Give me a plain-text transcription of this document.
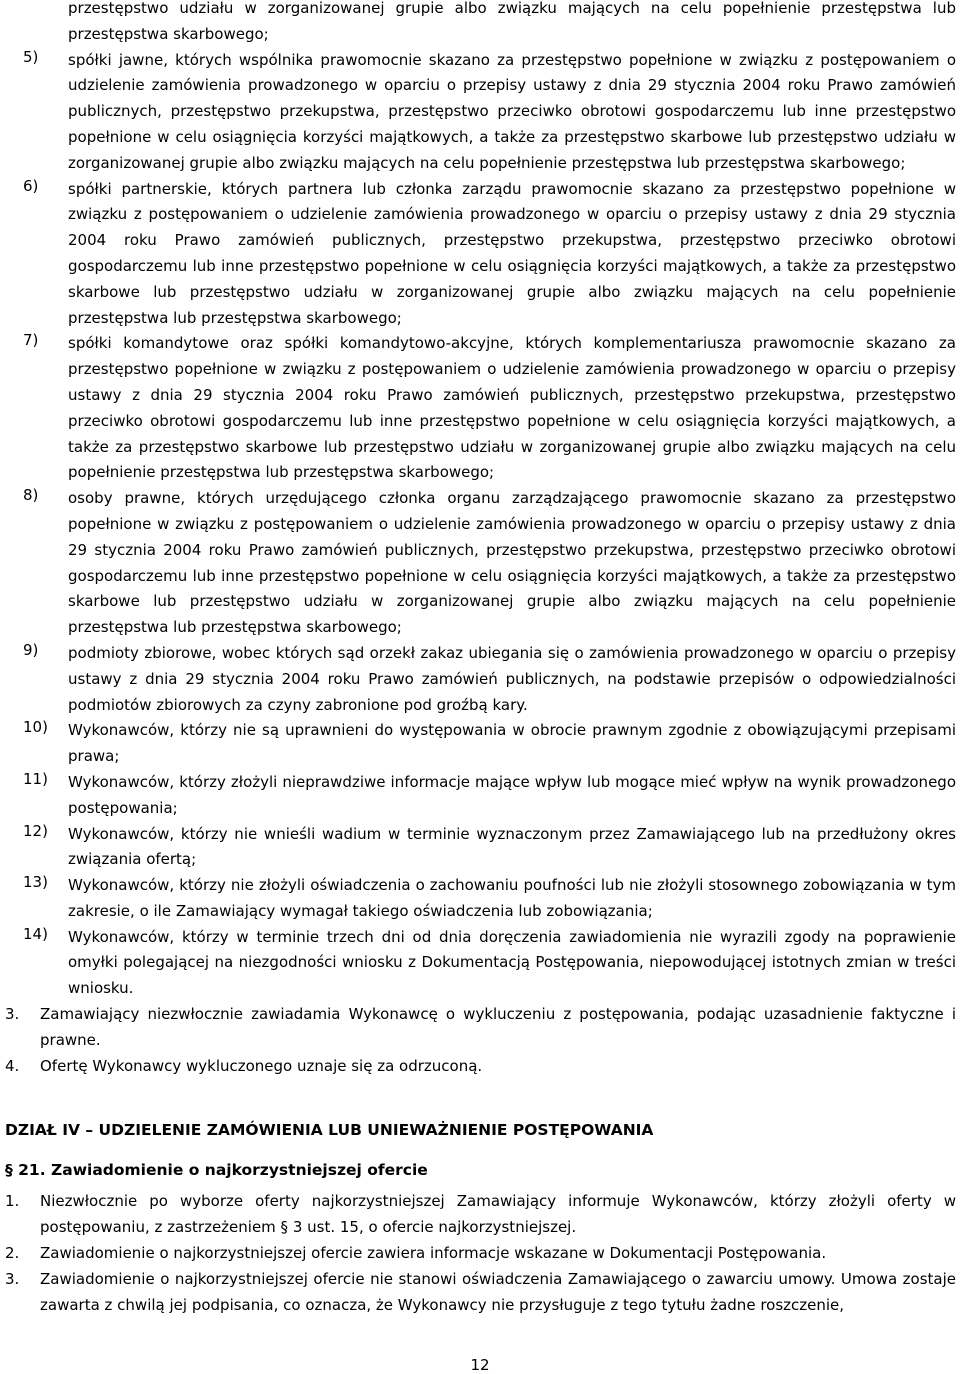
przestępstwo udziału w zorganizowanej grupie albo związku mających na celu popełnienie przestępstwa lub przestępstwa skarbowego;
5)	spółki jawne, których wspólnika prawomocnie skazano za przestępstwo popełnione w związku z postępowaniem o udzielenie zamówienia prowadzonego w oparciu o przepisy ustawy z dnia 29 stycznia 2004 roku Prawo zamówień publicznych, przestępstwo przekupstwa, przestępstwo przeciwko obrotowi gospodarczemu lub inne przestępstwo popełnione w celu osiągnięcia korzyści majątkowych, a także za przestępstwo skarbowe lub przestępstwo udziału w zorganizowanej grupie albo związku mających na celu popełnienie przestępstwa lub przestępstwa skarbowego;
6)	spółki partnerskie, których partnera lub członka zarządu prawomocnie skazano za przestępstwo popełnione w związku z postępowaniem o udzielenie zamówienia prowadzonego w oparciu o przepisy ustawy z dnia 29 stycznia 2004 roku Prawo zamówień publicznych, przestępstwo przekupstwa, przestępstwo przeciwko obrotowi gospodarczemu lub inne przestępstwo popełnione w celu osiągnięcia korzyści majątkowych, a także za przestępstwo skarbowe lub przestępstwo udziału w zorganizowanej grupie albo związku mających na celu popełnienie przestępstwa lub przestępstwa skarbowego;
7)	spółki komandytowe oraz spółki komandytowo-akcyjne, których komplementariusza prawomocnie skazano za przestępstwo popełnione w związku z postępowaniem o udzielenie zamówienia prowadzonego w oparciu o przepisy ustawy z dnia 29 stycznia 2004 roku Prawo zamówień publicznych, przestępstwo przekupstwa, przestępstwo przeciwko obrotowi gospodarczemu lub inne przestępstwo popełnione w celu osiągnięcia korzyści majątkowych, a także za przestępstwo skarbowe lub przestępstwo udziału w zorganizowanej grupie albo związku mających na celu popełnienie przestępstwa lub przestępstwa skarbowego;
8)	osoby prawne, których urzędującego członka organu zarządzającego prawomocnie skazano za przestępstwo popełnione w związku z postępowaniem o udzielenie zamówienia prowadzonego w oparciu o przepisy ustawy z dnia 29 stycznia 2004 roku Prawo zamówień publicznych, przestępstwo przekupstwa, przestępstwo przeciwko obrotowi gospodarczemu lub inne przestępstwo popełnione w celu osiągnięcia korzyści majątkowych, a także za przestępstwo skarbowe lub przestępstwo udziału w zorganizowanej grupie albo związku mających na celu popełnienie przestępstwa lub przestępstwa skarbowego;
9)	podmioty zbiorowe, wobec których sąd orzekł zakaz ubiegania się o zamówienia prowadzonego w oparciu o przepisy ustawy z dnia 29 stycznia 2004 roku Prawo zamówień publicznych, na podstawie przepisów o odpowiedzialności podmiotów zbiorowych za czyny zabronione pod groźbą kary.
10)	Wykonawców, którzy nie są uprawnieni do występowania w obrocie prawnym zgodnie z obowiązującymi przepisami prawa;
11)	Wykonawców, którzy złożyli nieprawdziwe informacje mające wpływ lub mogące mieć wpływ na wynik prowadzonego postępowania;
12)	Wykonawców, którzy nie wnieśli wadium w terminie wyznaczonym przez Zamawiającego lub na przedłużony okres związania ofertą;
13)	Wykonawców, którzy nie złożyli oświadczenia o zachowaniu poufności lub nie złożyli stosownego zobowiązania w tym zakresie, o ile Zamawiający wymagał takiego oświadczenia lub zobowiązania;
14)	Wykonawców, którzy w terminie trzech dni od dnia doręczenia zawiadomienia nie wyrazili zgody na poprawienie omyłki polegającej na niezgodności wniosku z Dokumentacją Postępowania, niepowodującej istotnych zmian w treści wniosku.
3.	Zamawiający niezwłocznie zawiadamia Wykonawcę o wykluczeniu z postępowania, podając uzasadnienie faktyczne i prawne.
4.	Ofertę Wykonawcy wykluczonego uznaje się za odrzuconą.
DZIAŁ IV – UDZIELENIE ZAMÓWIENIA LUB UNIEWAŻNIENIE POSTĘPOWANIA
§ 21. Zawiadomienie o najkorzystniejszej ofercie
1.	Niezwłocznie po wyborze oferty najkorzystniejszej Zamawiający informuje Wykonawców, którzy złożyli oferty w postępowaniu, z zastrzeżeniem § 3 ust. 15, o ofercie najkorzystniejszej.
2.	Zawiadomienie o najkorzystniejszej ofercie zawiera informacje wskazane w Dokumentacji Postępowania.
3.	Zawiadomienie o najkorzystniejszej ofercie nie stanowi oświadczenia Zamawiającego o zawarciu umowy. Umowa zostaje zawarta z chwilą jej podpisania, co oznacza, że Wykonawcy nie przysługuje z tego tytułu żadne roszczenie,
12
